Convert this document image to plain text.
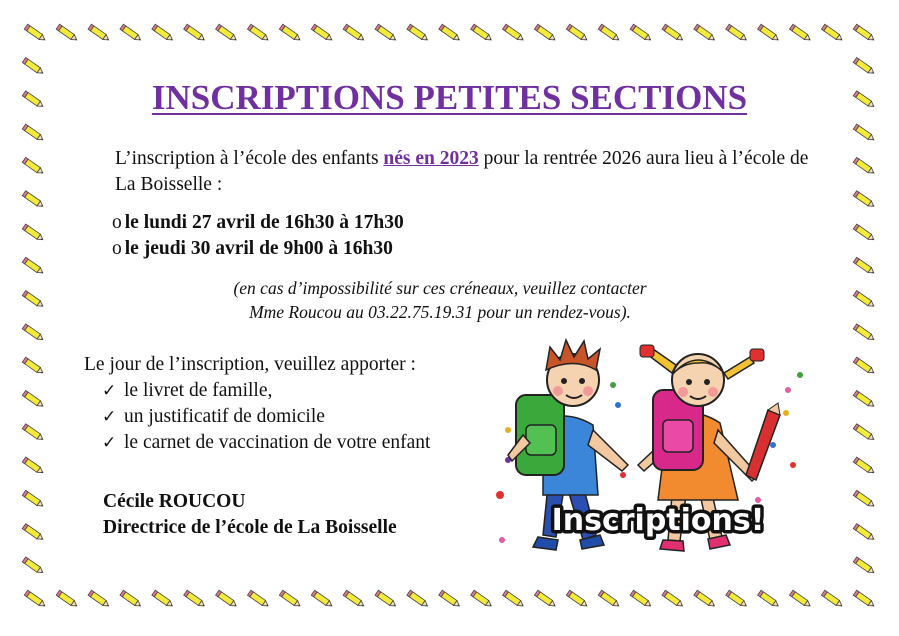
INSCRIPTIONS PETITES SECTIONS
L’inscription à l’école des enfants nés en 2023 pour la rentrée 2026 aura lieu à l’école de La Boisselle :
o le lundi 27 avril de 16h30 à 17h30
o le jeudi 30 avril de 9h00 à 16h30
(en cas d’impossibilité sur ces créneaux, veuillez contacter
Mme Roucou au 03.22.75.19.31 pour un rendez-vous).
Le jour de l’inscription, veuillez apporter :
✓ le livret de famille,
✓ un justificatif de domicile
✓ le carnet de vaccination de votre enfant
Cécile ROUCOU
Directrice de l’école de La Boisselle	Inscriptions!
